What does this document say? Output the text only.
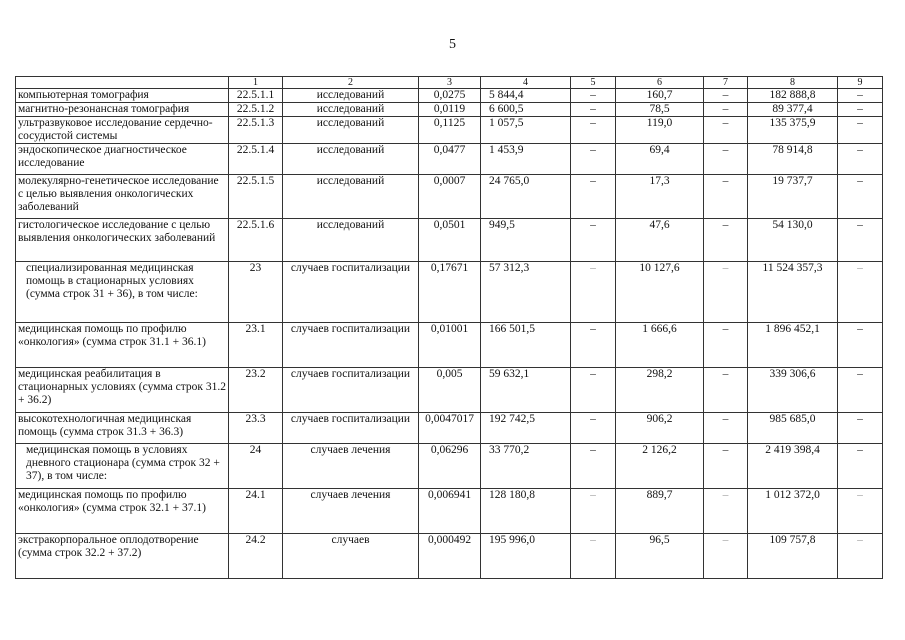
5
	1	2	3	4	5	6	7	8	9
компьютерная томография	22.5.1.1	исследований	0,0275	5 844,4	–	160,7	–	182 888,8	–
магнитно-резонансная томография	22.5.1.2	исследований	0,0119	6 600,5	–	78,5	–	89 377,4	–
ультразвуковое исследование сердечно-сосудистой системы	22.5.1.3	исследований	0,1125	1 057,5	–	119,0	–	135 375,9	–
эндоскопическое диагностическое исследование	22.5.1.4	исследований	0,0477	1 453,9	–	69,4	–	78 914,8	–
молекулярно-генетическое исследование с целью выявления онкологических заболеваний	22.5.1.5	исследований	0,0007	24 765,0	–	17,3	–	19 737,7	–
гистологическое исследование с целью выявления онкологических заболеваний	22.5.1.6	исследований	0,0501	949,5	–	47,6	–	54 130,0	–
специализированная медицинская помощь в стационарных условиях (сумма строк 31 + 36), в том числе:	23	случаев госпитализации	0,17671	57 312,3	–	10 127,6	–	11 524 357,3	–
медицинская помощь по профилю «онкология» (сумма строк 31.1 + 36.1)	23.1	случаев госпитализации	0,01001	166 501,5	–	1 666,6	–	1 896 452,1	–
медицинская реабилитация в стационарных условиях (сумма строк 31.2 + 36.2)	23.2	случаев госпитализации	0,005	59 632,1	–	298,2	–	339 306,6	–
высокотехнологичная медицинская помощь (сумма строк 31.3 + 36.3)	23.3	случаев госпитализации	0,0047017	192 742,5	–	906,2	–	985 685,0	–
медицинская помощь в условиях дневного стационара (сумма строк 32 + 37), в том числе:	24	случаев лечения	0,06296	33 770,2	–	2 126,2	–	2 419 398,4	–
медицинская помощь по профилю «онкология» (сумма строк 32.1 + 37.1)	24.1	случаев лечения	0,006941	128 180,8	–	889,7	–	1 012 372,0	–
экстракорпоральное оплодотворение (сумма строк 32.2 + 37.2)	24.2	случаев	0,000492	195 996,0	–	96,5	–	109 757,8	–
